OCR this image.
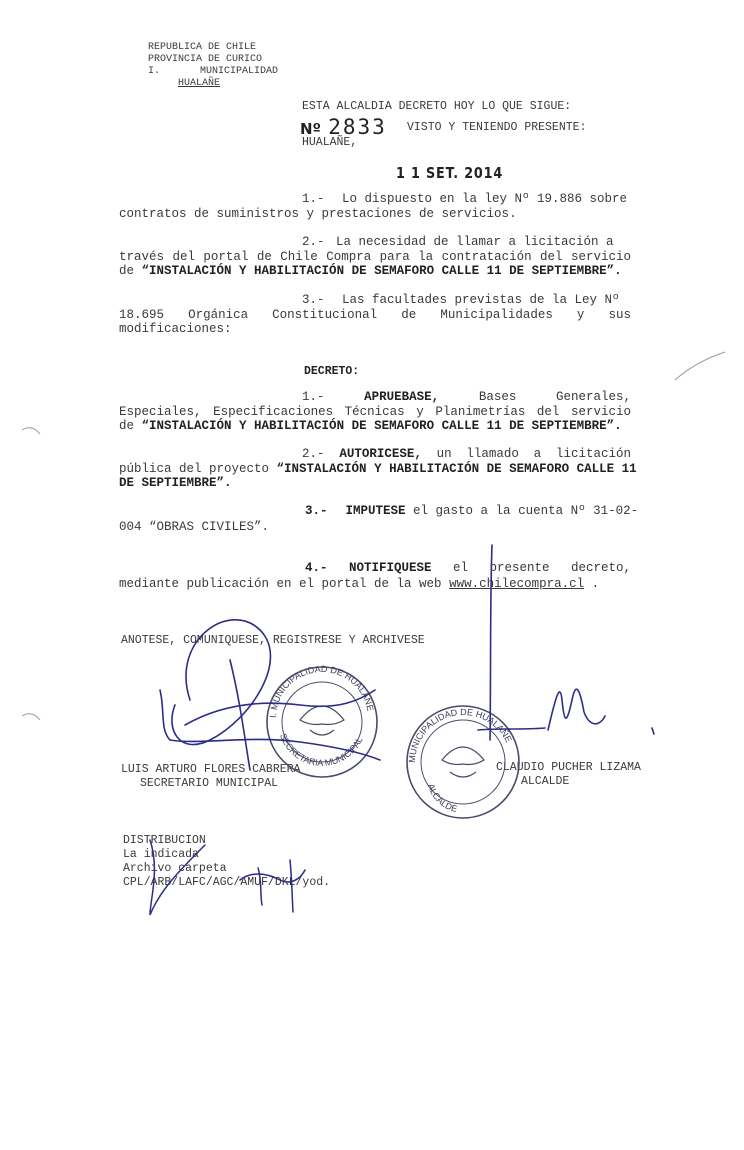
REPUBLICA DE CHILE
PROVINCIA DE CURICO
I.	MUNICIPALIDAD
HUALAÑE
ESTA ALCALDIA DECRETO HOY LO QUE SIGUE:
Nº 2833 VISTO Y TENIENDO PRESENTE:
HUALAÑE,
1 1 SET. 2014
1.- Lo dispuesto en la ley Nº 19.886 sobre
contratos de suministros y prestaciones de servicios.
2.- La necesidad de llamar a licitación a
través del portal de Chile Compra para la contratación del servicio
de “INSTALACIÓN Y HABILITACIÓN DE SEMAFORO CALLE 11 DE SEPTIEMBRE”.
3.- Las facultades previstas de la Ley Nº
18.695 Orgánica Constitucional de Municipalidades y sus
modificaciones:
DECRETO:
1.-	APRUEBASE,	Bases Generales,
Especiales, Especificaciones Técnicas y Planimetrías del servicio
de “INSTALACIÓN Y HABILITACIÓN DE SEMAFORO CALLE 11 DE SEPTIEMBRE”.
2.- AUTORICESE, un llamado a licitación
pública del proyecto “INSTALACIÓN Y HABILITACIÓN DE SEMAFORO CALLE 11
DE SEPTIEMBRE”.
3.- IMPUTESE el gasto a la cuenta Nº 31-02-
004 “OBRAS CIVILES”.
4.- NOTIFIQUESE el presente decreto,
mediante publicación en el portal de la web www.chilecompra.cl .
ANOTESE, COMUNIQUESE, REGISTRESE Y ARCHIVESE
LUIS ARTURO FLORES CABRERA
SECRETARIO MUNICIPAL
CLAUDIO PUCHER LIZAMA
ALCALDE
DISTRIBUCION
La indicada
Archivo carpeta
CPL/ARB/LAFC/AGC/AMUF/DKL/yod.
I. MUNICIPALIDAD DE HUALAÑE
SECRETARIA MUNICIPAL
MUNICIPALIDAD DE HUALAÑE
ALCALDE
